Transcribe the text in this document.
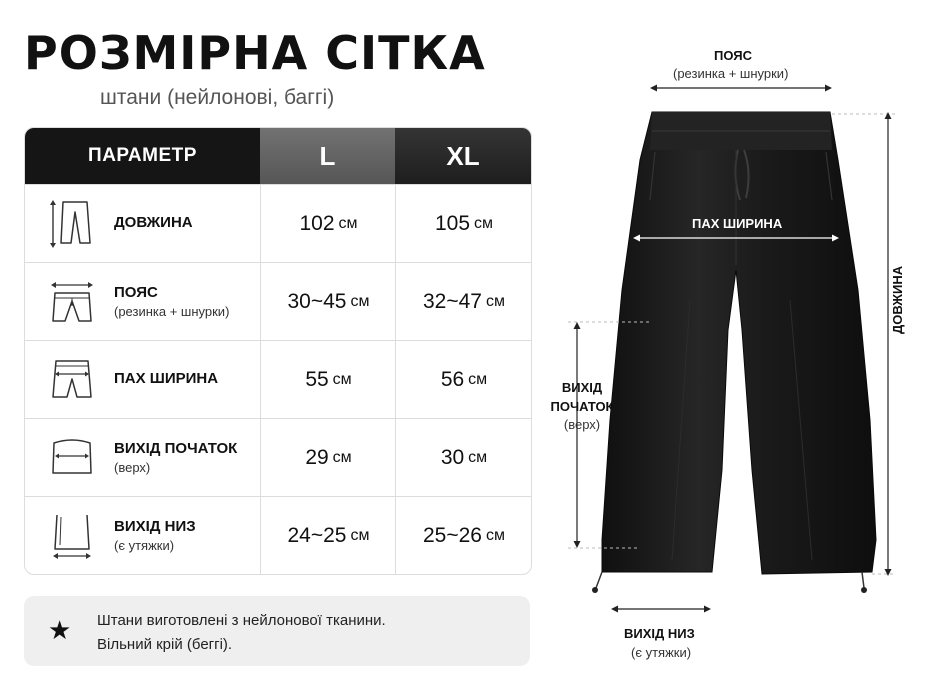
РОЗМІРНА СІТКА
штани (нейлонові, баггі)
ПАРАМЕТР	L	XL
ДОВЖИНА	102 см	105 см
ПОЯС
(резинка + шнурки)	30~45 см	32~47 см
ПАХ ШИРИНА	55 см	56 см
ВИХІД ПОЧАТОК
(верх)	29 см	30 см
ВИХІД НИЗ
(є утяжки)	24~25 см	25~26 см
★ Штани виготовлені з нейлонової тканини.
Вільний крій (беггі).
ПОЯС
(резинка + шнурки)
ПАХ ШИРИНА
ДОВЖИНА
ВИХІД
ПОЧАТОК
(верх)
ВИХІД НИЗ
(є утяжки)
